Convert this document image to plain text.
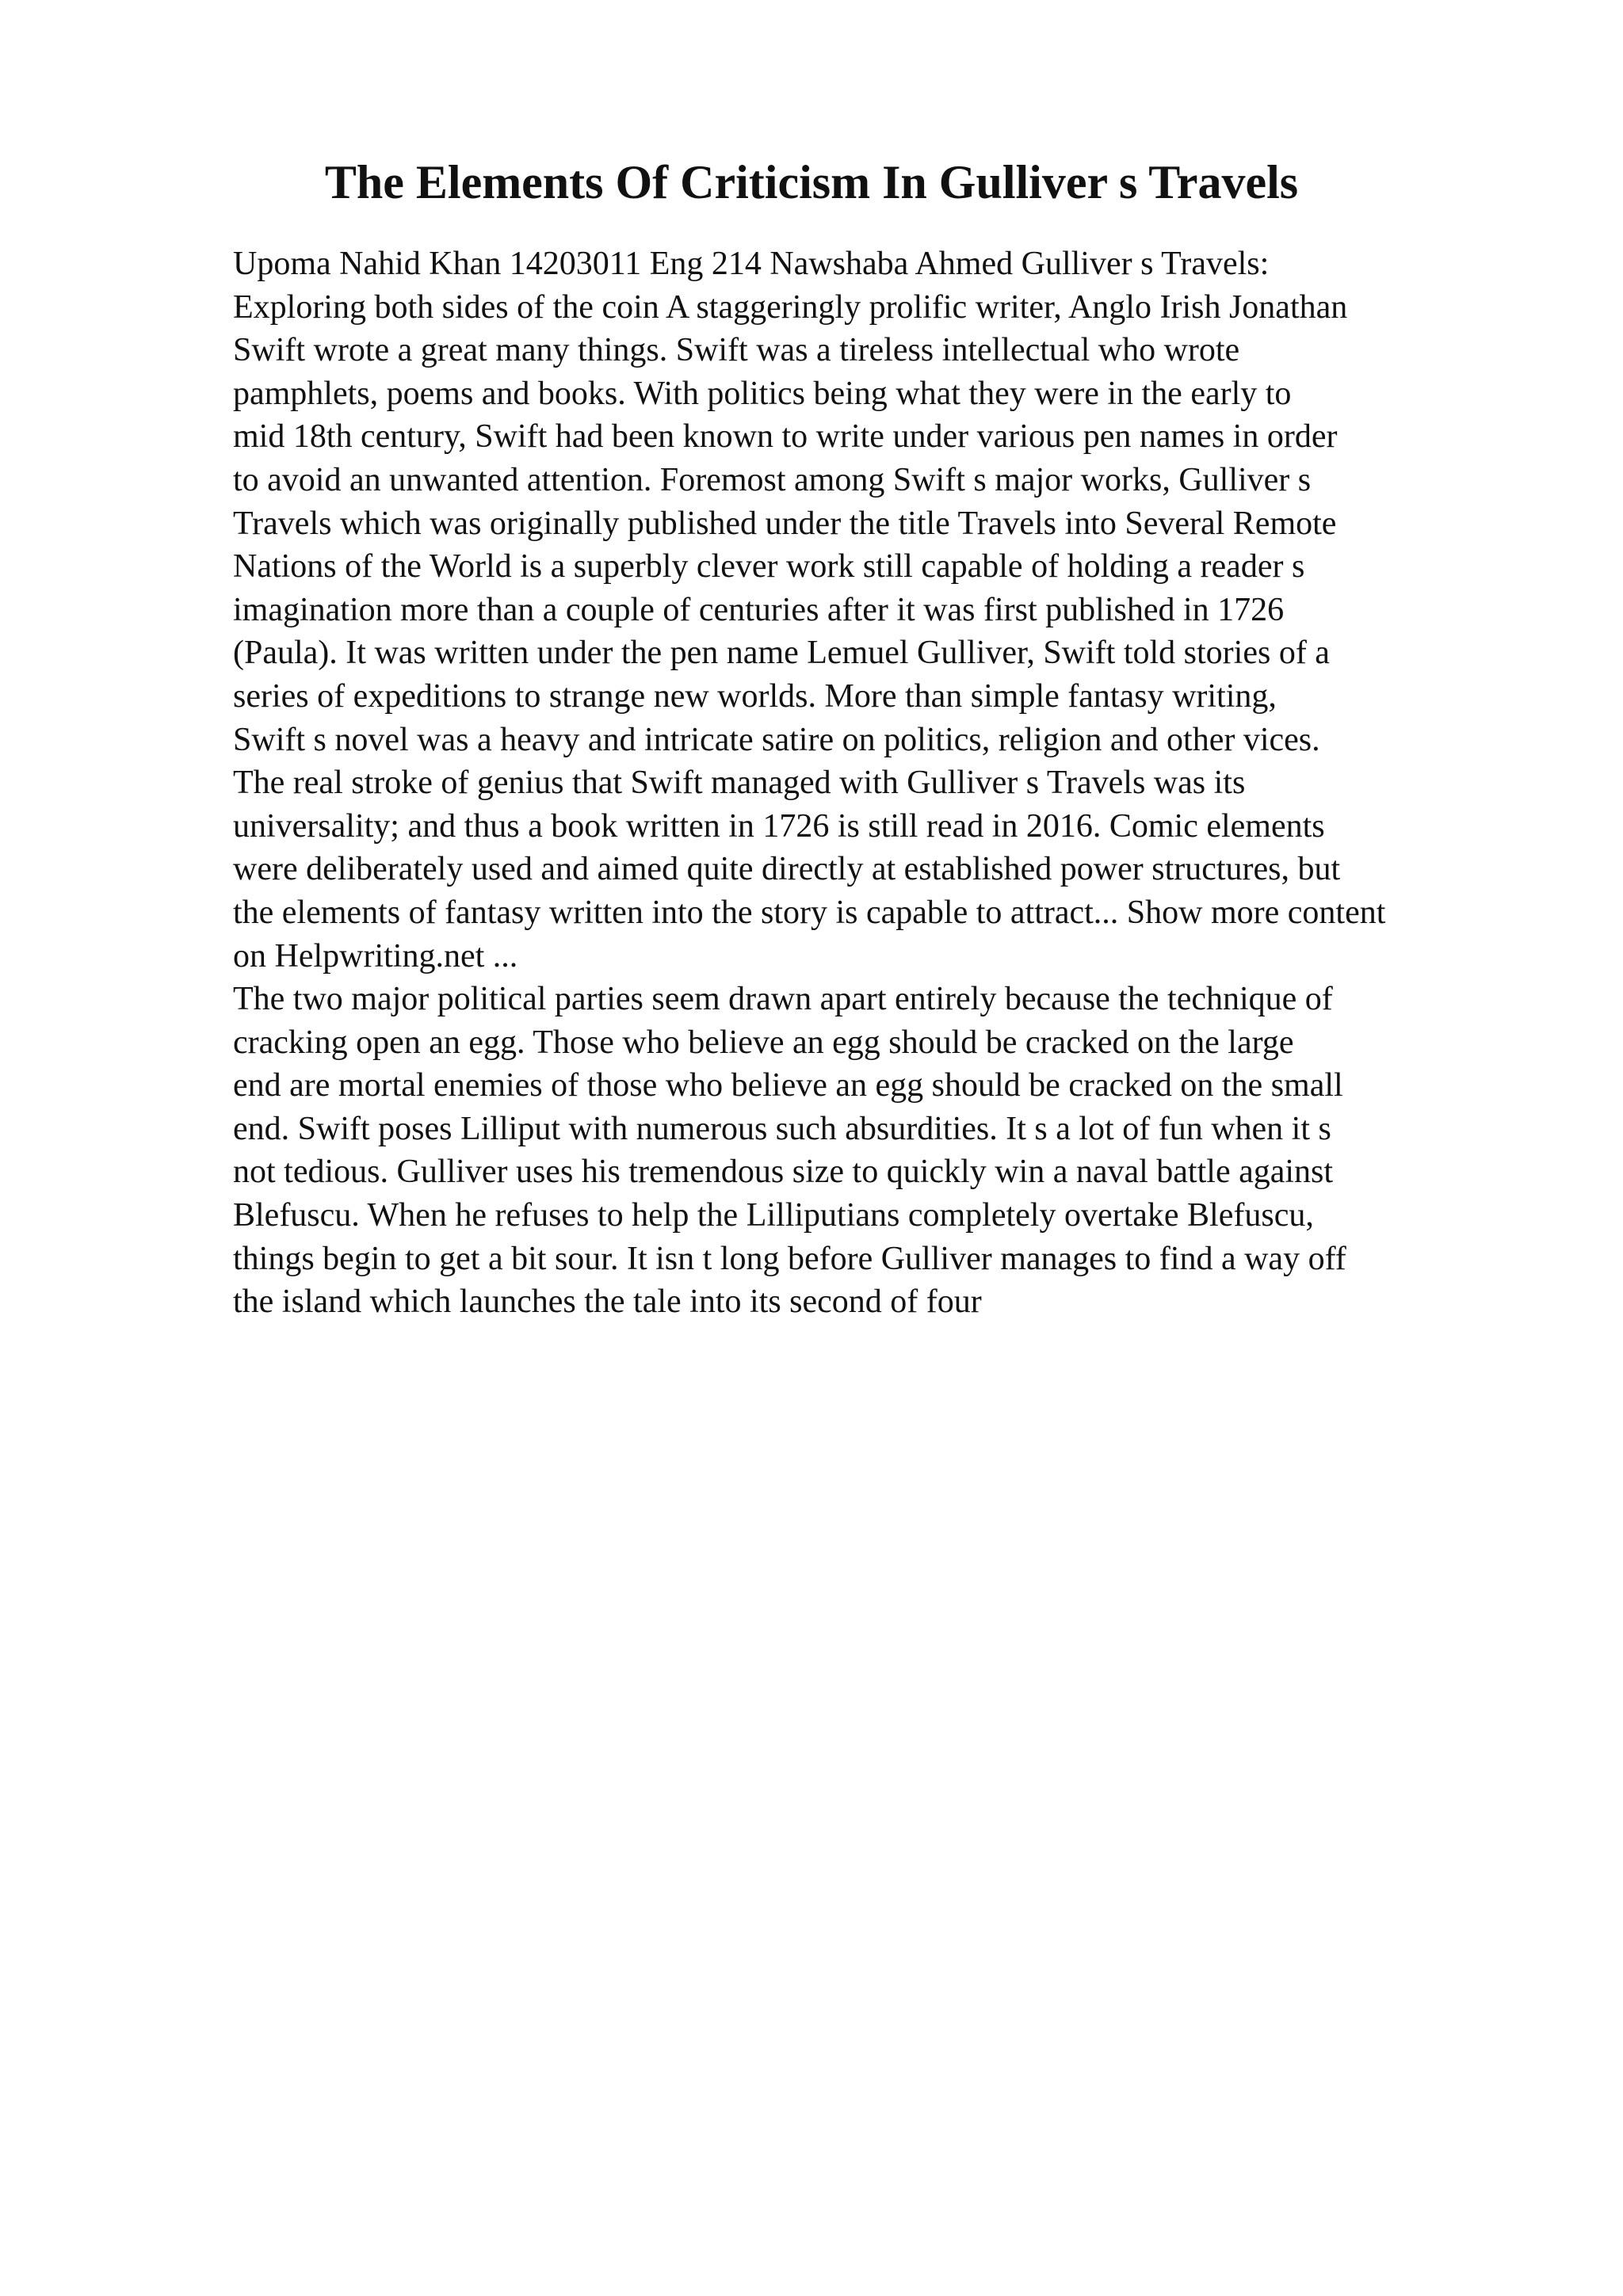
The Elements Of Criticism In Gulliver s Travels
Upoma Nahid Khan 14203011 Eng 214 Nawshaba Ahmed Gulliver s Travels:
Exploring both sides of the coin A staggeringly prolific writer, Anglo Irish Jonathan
Swift wrote a great many things. Swift was a tireless intellectual who wrote
pamphlets, poems and books. With politics being what they were in the early to
mid 18th century, Swift had been known to write under various pen names in order
to avoid an unwanted attention. Foremost among Swift s major works, Gulliver s
Travels which was originally published under the title Travels into Several Remote
Nations of the World is a superbly clever work still capable of holding a reader s
imagination more than a couple of centuries after it was first published in 1726
(Paula). It was written under the pen name Lemuel Gulliver, Swift told stories of a
series of expeditions to strange new worlds. More than simple fantasy writing,
Swift s novel was a heavy and intricate satire on politics, religion and other vices.
The real stroke of genius that Swift managed with Gulliver s Travels was its
universality; and thus a book written in 1726 is still read in 2016. Comic elements
were deliberately used and aimed quite directly at established power structures, but
the elements of fantasy written into the story is capable to attract... Show more content
on Helpwriting.net ...
The two major political parties seem drawn apart entirely because the technique of
cracking open an egg. Those who believe an egg should be cracked on the large
end are mortal enemies of those who believe an egg should be cracked on the small
end. Swift poses Lilliput with numerous such absurdities. It s a lot of fun when it s
not tedious. Gulliver uses his tremendous size to quickly win a naval battle against
Blefuscu. When he refuses to help the Lilliputians completely overtake Blefuscu,
things begin to get a bit sour. It isn t long before Gulliver manages to find a way off
the island which launches the tale into its second of four
